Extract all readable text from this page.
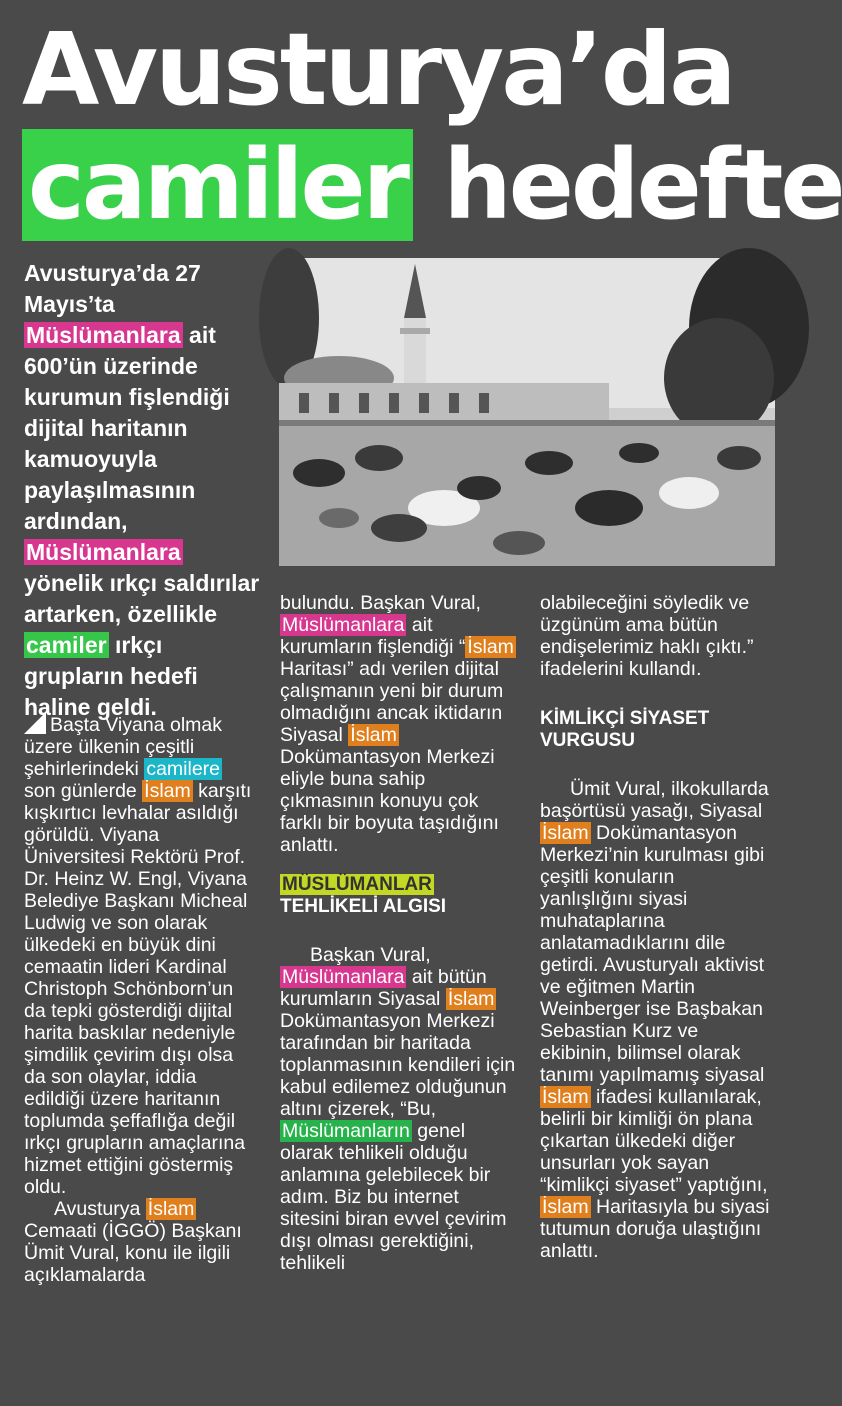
Avusturya’da
camiler hedefte
Avusturya’da 27 Mayıs’ta Müslümanlara ait 600’ün üzerinde kurumun fişlendiği dijital haritanın kamuoyuyla paylaşılmasının ardından, Müslümanlara yönelik ırkçı saldırılar artarken, özellikle camiler ırkçı grupların hedefi haline geldi.

Başta Viyana olmak üzere ülkenin çeşitli şehirlerindeki camilere son günlerde İslam karşıtı kışkırtıcı levhalar asıldığı görüldü. Viyana Üniversitesi Rektörü Prof. Dr. Heinz W. Engl, Viyana Belediye Başkanı Micheal Ludwig ve son olarak ülkedeki en büyük dini cemaatin lideri Kardinal Christoph Schönborn’un da tepki gösterdiği dijital harita baskılar nedeniyle şimdilik çevirim dışı olsa da son olaylar, iddia edildiği üzere haritanın toplumda şeffaflığa değil ırkçı grupların amaçlarına hizmet ettiğini göstermiş oldu.

Avusturya İslam Cemaati (İGGÖ) Başkanı Ümit Vural, konu ile ilgili açıklamalarda

bulundu. Başkan Vural, Müslümanlara ait kurumların fişlendiği “ İslam Haritası” adı verilen dijital çalışmanın yeni bir durum olmadığını ancak iktidarın Siyasal İslam Dokümantasyon Merkezi eliyle buna sahip çıkmasının konuyu çok farklı bir boyuta taşıdığını anlattı.

MÜSLÜMANLAR
TEHLİKELİ ALGISI

Başkan Vural, Müslümanlara ait bütün kurumların Siyasal İslam Dokümantasyon Merkezi tarafından bir haritada toplanmasının kendileri için kabul edilemez olduğunun altını çizerek, “Bu, Müslümanların genel olarak tehlikeli olduğu anlamına gelebilecek bir adım. Biz bu internet sitesini biran evvel çevirim dışı olması gerektiğini, tehlikeli

olabileceğini söyledik ve üzgünüm ama bütün endişelerimiz haklı çıktı.” ifadelerini kullandı.

KİMLİKÇİ SİYASET VURGUSU

Ümit Vural, ilkokullarda başörtüsü yasağı, Siyasal İslam Dokümantasyon Merkezi’nin kurulması gibi çeşitli konuların yanlışlığını siyasi muhataplarına anlatamadıklarını dile getirdi. Avusturyalı aktivist ve eğitmen Martin Weinberger ise Başbakan Sebastian Kurz ve ekibinin, bilimsel olarak tanımı yapılmamış siyasal İslam ifadesi kullanılarak, belirli bir kimliği ön plana çıkartan ülkedeki diğer unsurları yok sayan “kimlikçi siyaset” yaptığını, İslam Haritasıyla bu siyasi tutumun doruğa ulaştığını anlattı.
